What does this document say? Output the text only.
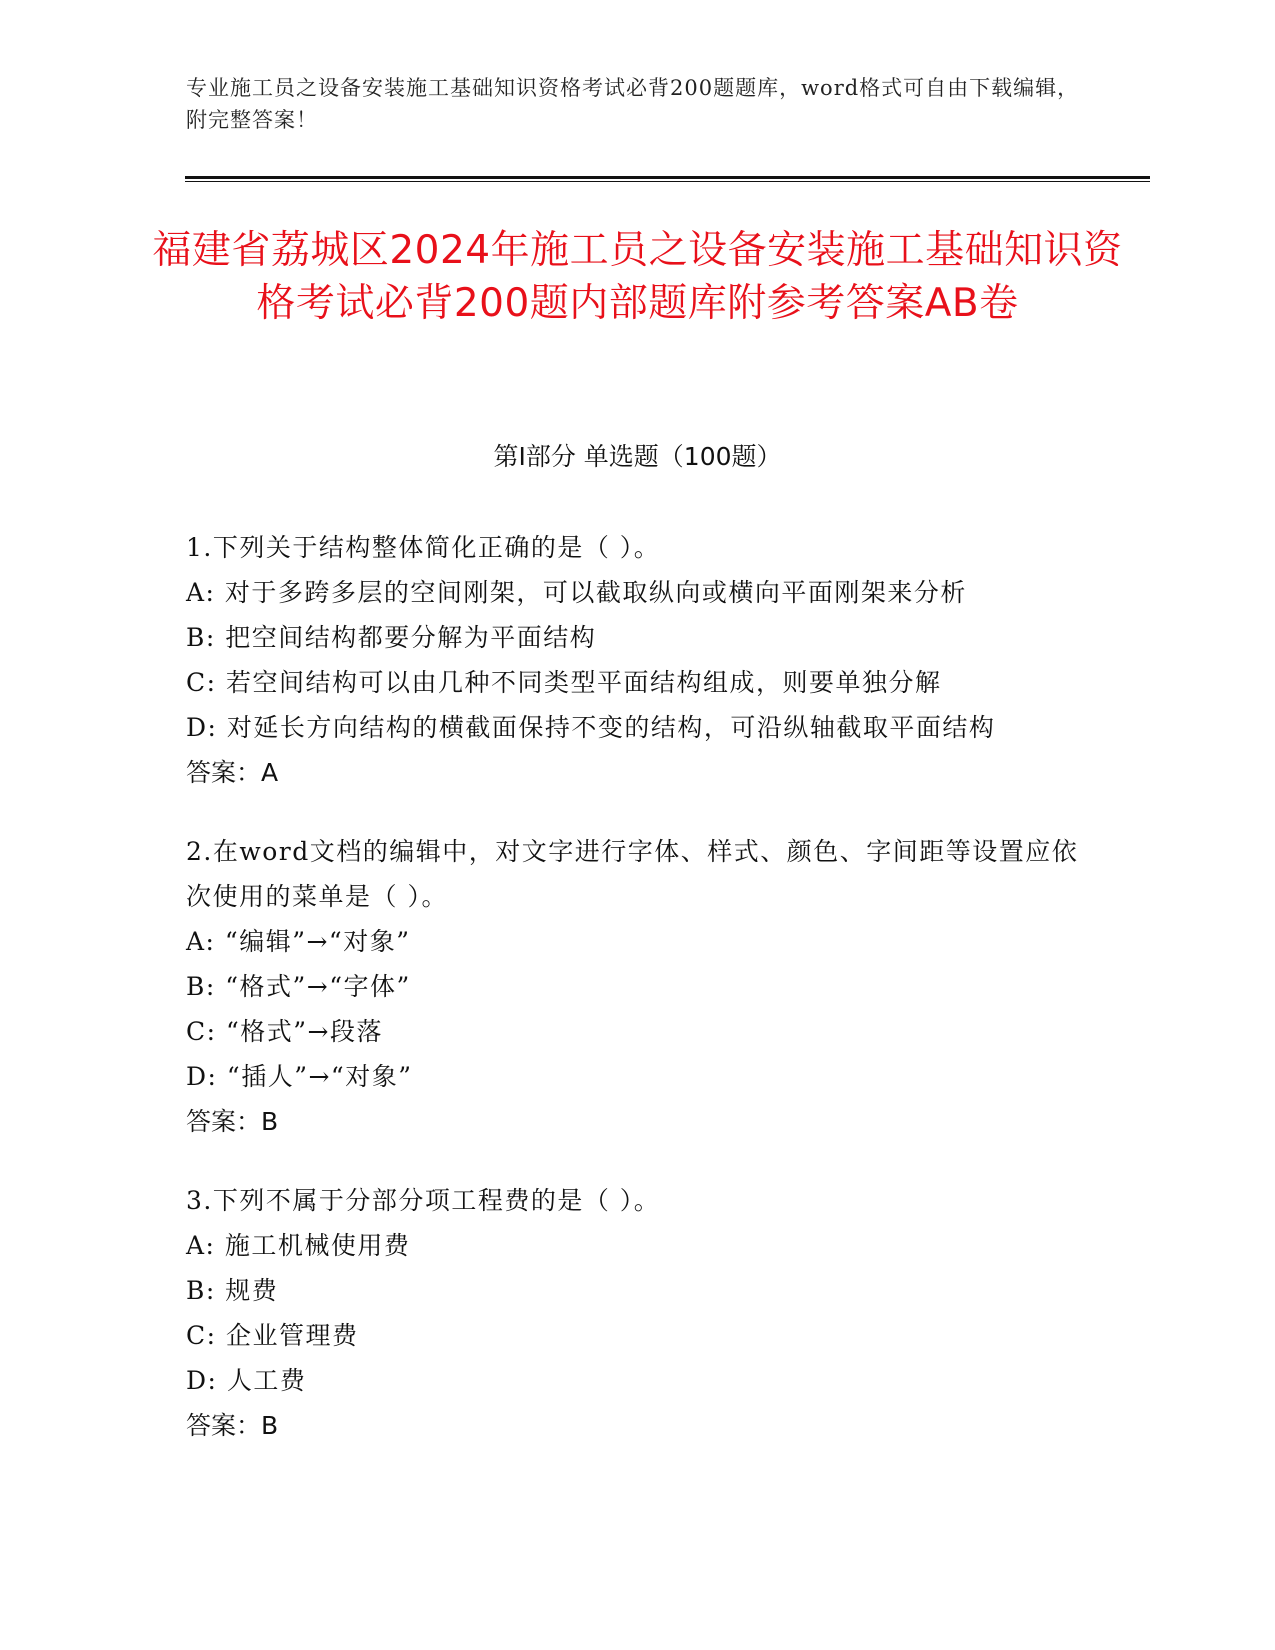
专业施工员之设备安装施工基础知识资格考试必背200题题库，word格式可自由下载编辑，附完整答案！
福建省荔城区2024年施工员之设备安装施工基础知识资格考试必背200题内部题库附参考答案AB卷
第I部分 单选题（100题）
1.下列关于结构整体简化正确的是（ ）。
A: 对于多跨多层的空间刚架，可以截取纵向或横向平面刚架来分析
B: 把空间结构都要分解为平面结构
C: 若空间结构可以由几种不同类型平面结构组成，则要单独分解
D: 对延长方向结构的横截面保持不变的结构，可沿纵轴截取平面结构
答案：A
2.在word文档的编辑中，对文字进行字体、样式、颜色、字间距等设置应依次使用的菜单是（ ）。
A: “编辑”→“对象”
B: “格式”→“字体”
C: “格式”→段落
D: “插人”→“对象”
答案：B
3.下列不属于分部分项工程费的是（ ）。
A: 施工机械使用费
B: 规费
C: 企业管理费
D: 人工费
答案：B
